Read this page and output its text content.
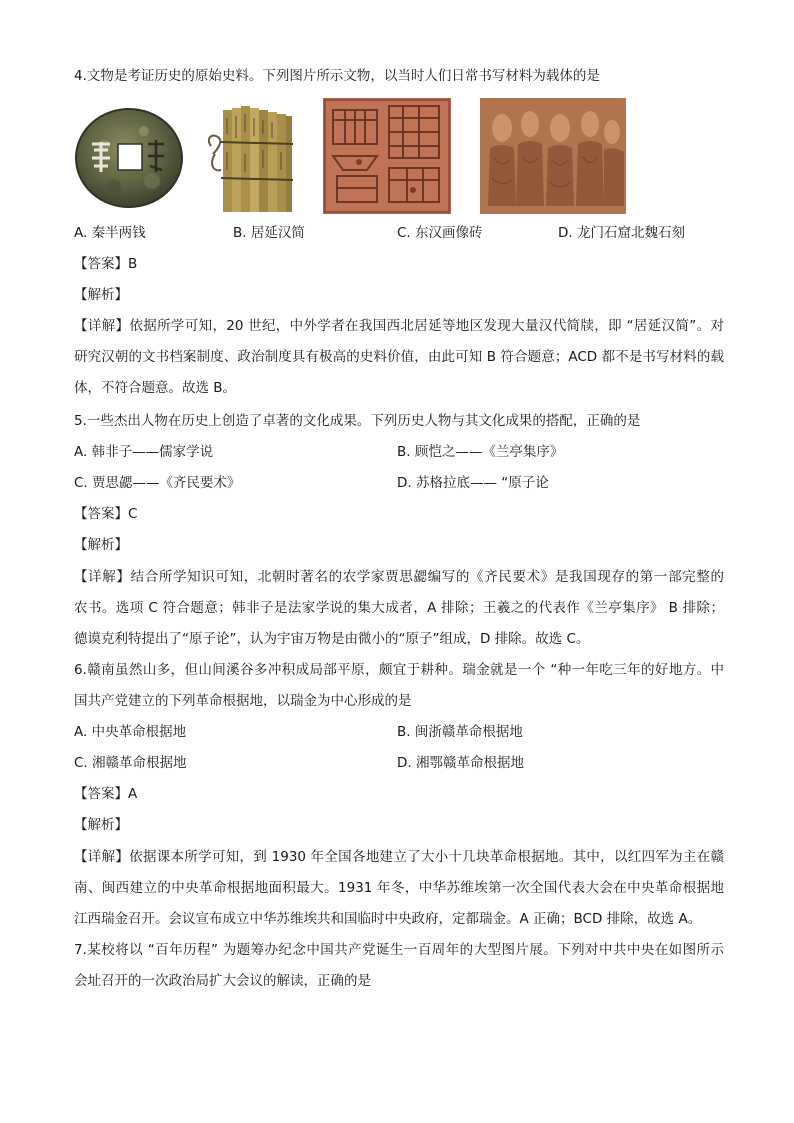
4.文物是考证历史的原始史料。下列图片所示文物，以当时人们日常书写材料为载体的是
A. 秦半两钱	B. 居延汉简	C. 东汉画像砖	D. 龙门石窟北魏石刻
【答案】B
【解析】
【详解】依据所学可知，20 世纪，中外学者在我国西北居延等地区发现大量汉代简牍，即 “居延汉简”。对
研究汉朝的文书档案制度、政治制度具有极高的史料价值，由此可知 B 符合题意；ACD 都不是书写材料的载
体，不符合题意。故选 B。
5.一些杰出人物在历史上创造了卓著的文化成果。下列历史人物与其文化成果的搭配，正确的是
A. 韩非子——儒家学说	B. 顾恺之——《兰亭集序》
C. 贾思勰——《齐民要术》	D. 苏格拉底—— “原子论
【答案】C
【解析】
【详解】结合所学知识可知，北朝时著名的农学家贾思勰编写的《齐民要术》是我国现存的第一部完整的
农书。选项 C 符合题意；韩非子是法家学说的集大成者，A 排除；王羲之的代表作《兰亭集序》 B 排除；
德谟克利特提出了“原子论”，认为宇宙万物是由微小的“原子”组成，D 排除。故选 C。
6.赣南虽然山多，但山间溪谷多冲积成局部平原，颇宜于耕种。瑞金就是一个 “种一年吃三年的好地方。中
国共产党建立的下列革命根据地，以瑞金为中心形成的是
A. 中央革命根据地	B. 闽浙赣革命根据地
C. 湘赣革命根据地	D. 湘鄂赣革命根据地
【答案】A
【解析】
【详解】依据课本所学可知，到 1930 年全国各地建立了大小十几块革命根据地。其中，以红四军为主在赣
南、闽西建立的中央革命根据地面积最大。1931 年冬，中华苏维埃第一次全国代表大会在中央革命根据地
江西瑞金召开。会议宣布成立中华苏维埃共和国临时中央政府，定都瑞金。A 正确；BCD 排除，故选 A。
7.某校将以 “百年历程” 为题筹办纪念中国共产党诞生一百周年的大型图片展。下列对中共中央在如图所示
会址召开的一次政治局扩大会议的解读，正确的是
